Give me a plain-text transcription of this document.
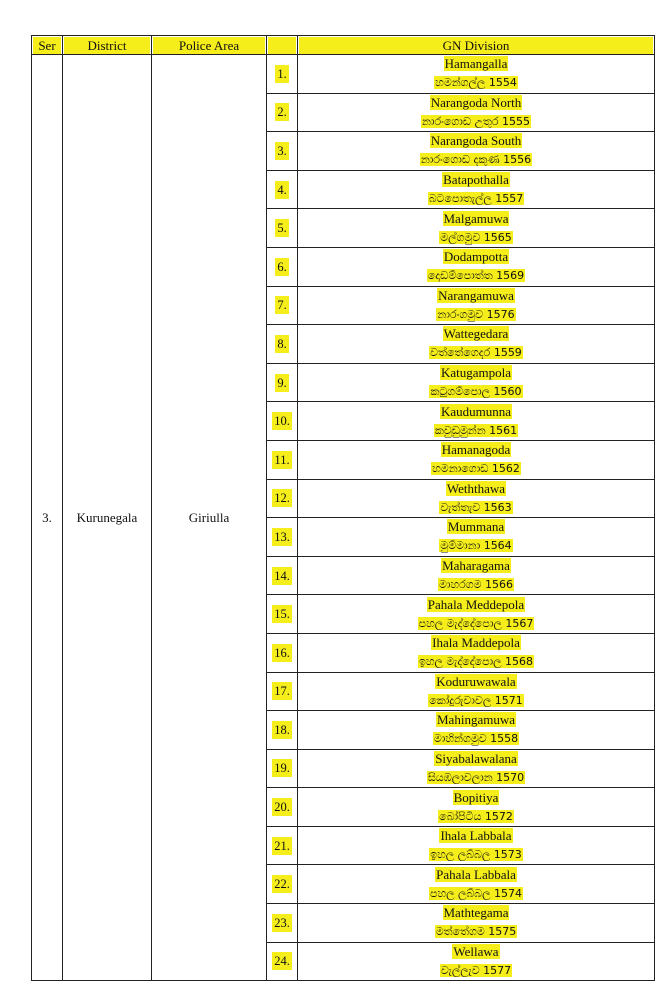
Ser	District	Police Area		GN Division

3.	Kurunegala	Giriulla	1.	Hamangalla
හමන්ගල්ල 1554
			2.	Narangoda North
නාරංගොඩ උතුර 1555
			3.	Narangoda South
නාරංගොඩ දකුණ 1556
			4.	Batapothalla
බටපොතැල්ල 1557
			5.	Malgamuwa
මල්ගමුව 1565
			6.	Dodampotta
දොඩම්පොත්ත 1569
			7.	Narangamuwa
නාරංගමුව 1576
			8.	Wattegedara
වත්තේගෙදර 1559
			9.	Katugampola
කටුගම්පොල 1560
			10.	Kaudumunna
කවුඩුමුන්න 1561
			11.	Hamanagoda
හමනාගොඩ 1562
			12.	Weththawa
වැත්තැව 1563
			13.	Mummana
මුම්මානා 1564
			14.	Maharagama
මාහරගම 1566
			15.	Pahala Meddepola
පහල මැද්දේපොල 1567
			16.	Ihala Maddepola
ඉහල මැද්දේපොල 1568
			17.	Koduruwawala
කෝදුරුවාවල 1571
			18.	Mahingamuwa
මාහින්ගමුව 1558
			19.	Siyabalawalana
සියඹලාවලාන 1570
			20.	Bopitiya
බෝපිටිය 1572
			21.	Ihala Labbala
ඉහල ලබ්බල 1573
			22.	Pahala Labbala
පහල ලබ්බල 1574
			23.	Mathtegama
මත්තේගම 1575
			24.	Wellawa
වැල්ලැව 1577
